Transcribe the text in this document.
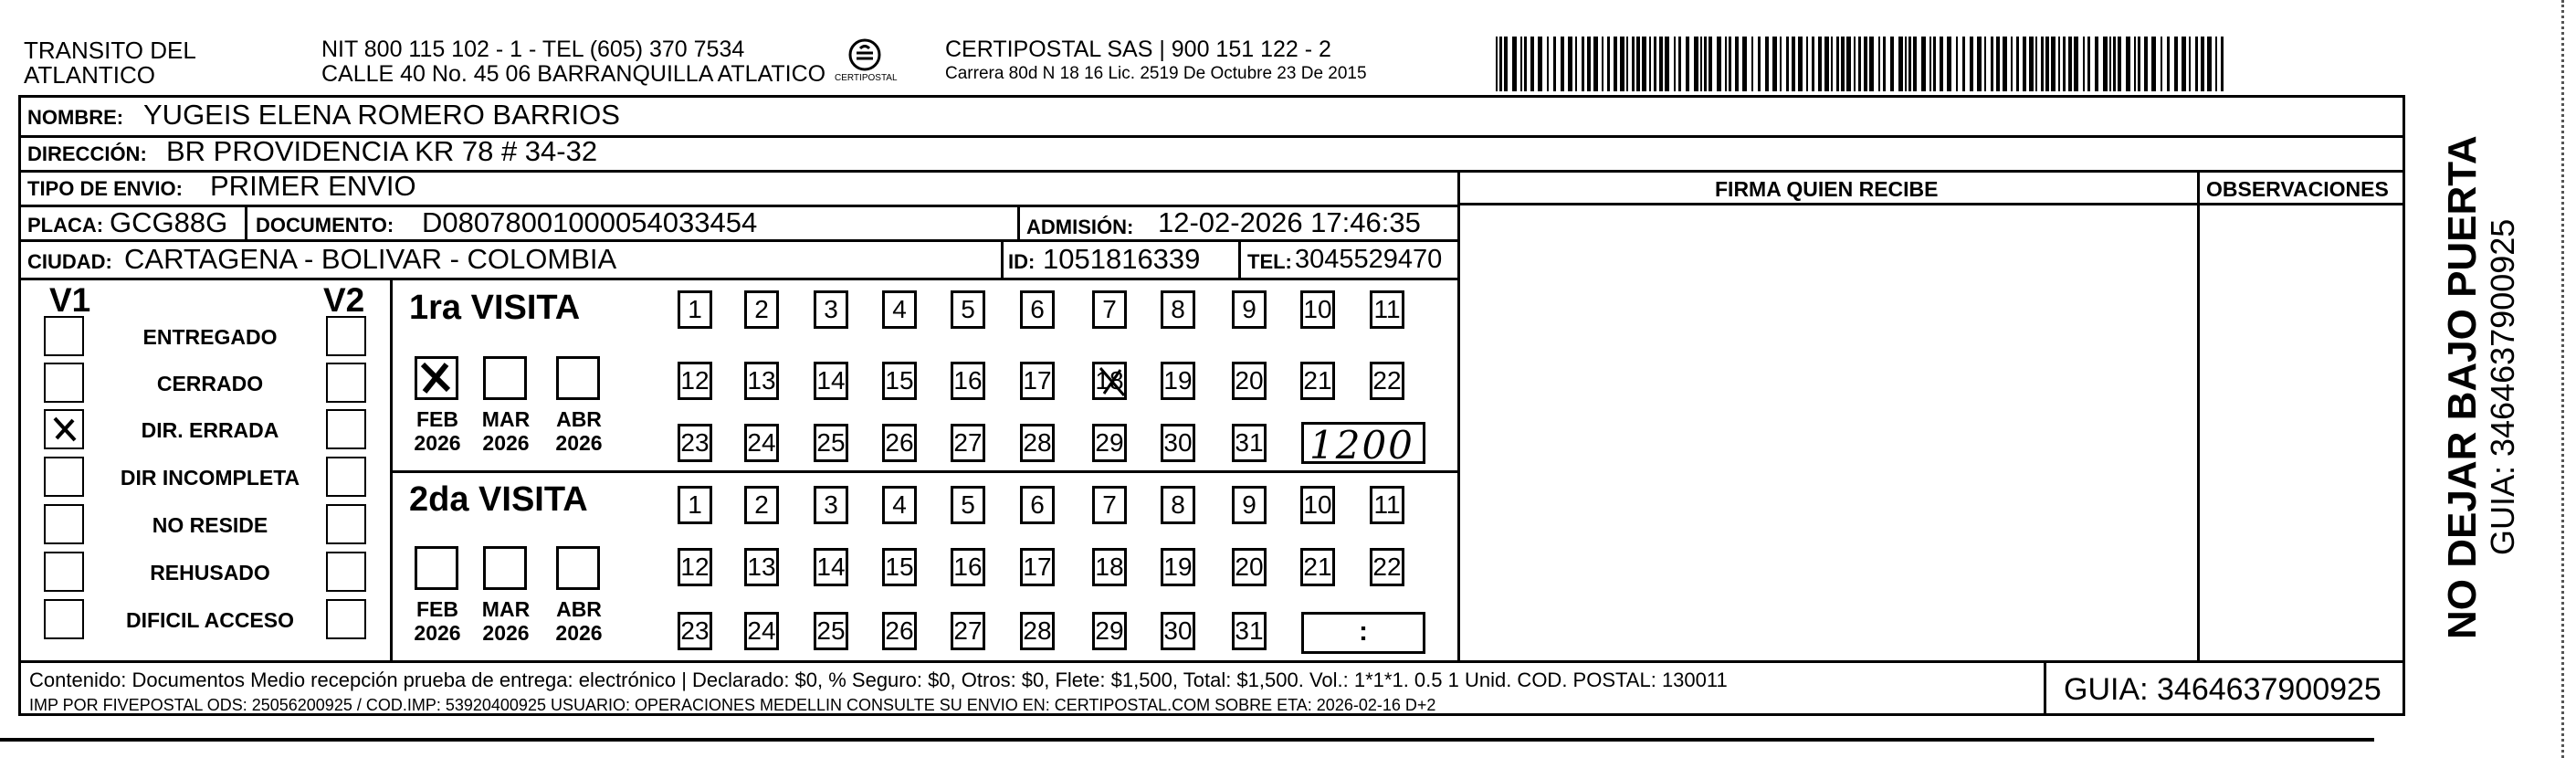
TRANSITO DEL
ATLANTICO
NIT 800 115 102 - 1 - TEL (605) 370 7534
CALLE 40 No. 45 06 BARRANQUILLA ATLATICO CERTIPOSTAL
CERTIPOSTAL SAS | 900 151 122 - 2
Carrera 80d N 18 16 Lic. 2519 De Octubre 23 De 2015
NOMBRE: YUGEIS ELENA ROMERO BARRIOS
DIRECCIÓN: BR PROVIDENCIA KR 78 # 34-32
TIPO DE ENVIO: PRIMER ENVIO	FIRMA QUIEN RECIBE	OBSERVACIONES
PLACA: GCG88G DOCUMENTO: D08078001000054033454	ADMISIÓN: 12-02-2026 17:46:35
CIUDAD: CARTAGENA - BOLIVAR - COLOMBIA	ID: 1051816339 TEL: 3045529470
V1	V2
ENTREGADO
CERRADO
DIR. ERRADA
DIR INCOMPLETA
NO RESIDE
REHUSADO
DIFICIL ACCESO
1ra VISITA
FEB
2026
MAR
2026
ABR
2026
1	2	3	4	5	6	7	8	9	10 11
12 13 14 15 16 17 18 19 20 21 22
23 24 25 26 27 28 29 30 31 1200
2da VISITA
FEB
2026
MAR
2026
ABR
2026
1	2	3	4	5	6	7	8	9	10 11
12 13 14 15 16 17 18 19 20 21 22
23 24 25 26 27 28 29 30 31	:
Contenido: Documentos Medio recepción prueba de entrega: electrónico | Declarado: $0, % Seguro: $0, Otros: $0, Flete: $1,500, Total: $1,500. Vol.: 1*1*1. 0.5 1 Unid. COD. POSTAL: 130011
IMP POR FIVEPOSTAL ODS: 25056200925 / COD.IMP: 53920400925 USUARIO: OPERACIONES MEDELLIN CONSULTE SU ENVIO EN: CERTIPOSTAL.COM SOBRE ETA: 2026-02-16 D+2	GUIA: 3464637900925
NO DEJAR BAJO PUERTA GUIA: 3464637900925
